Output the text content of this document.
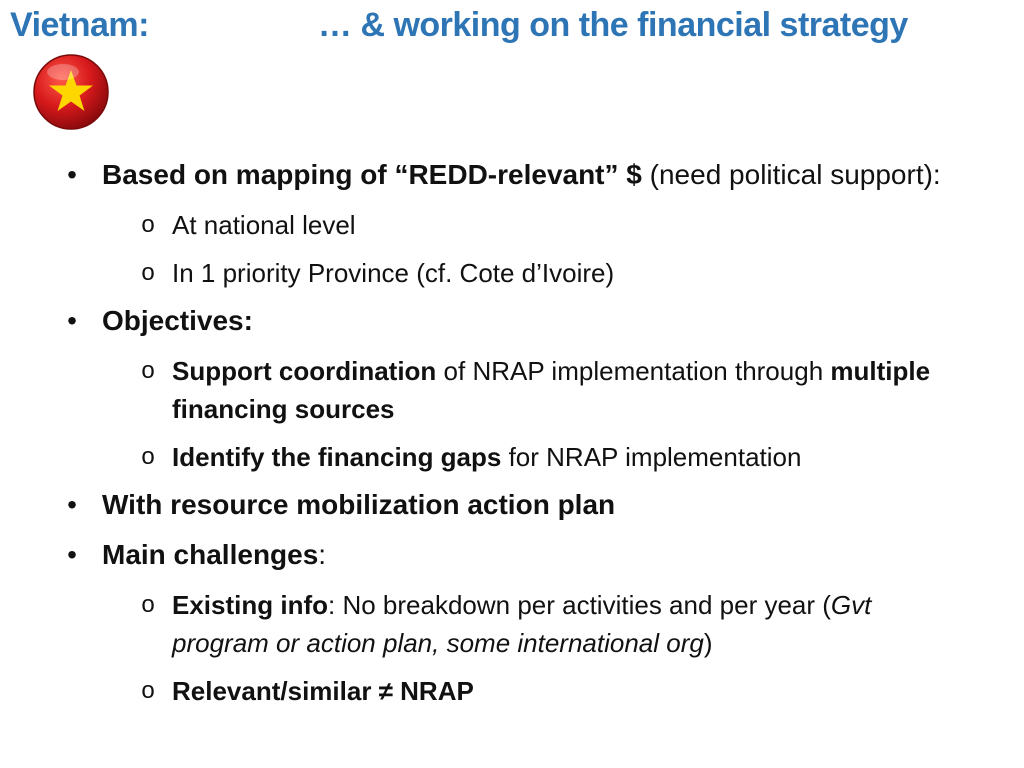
Vietnam:	… & working on the financial strategy
• Based on mapping of “REDD-relevant” $ (need political support):
o At national level
o In 1 priority Province (cf. Cote d’Ivoire)
• Objectives:
o Support coordination of NRAP implementation through multiple financing sources
o Identify the financing gaps for NRAP implementation
• With resource mobilization action plan
• Main challenges:
o Existing info: No breakdown per activities and per year (Gvt program or action plan, some international org)
o Relevant/similar ≠ NRAP
